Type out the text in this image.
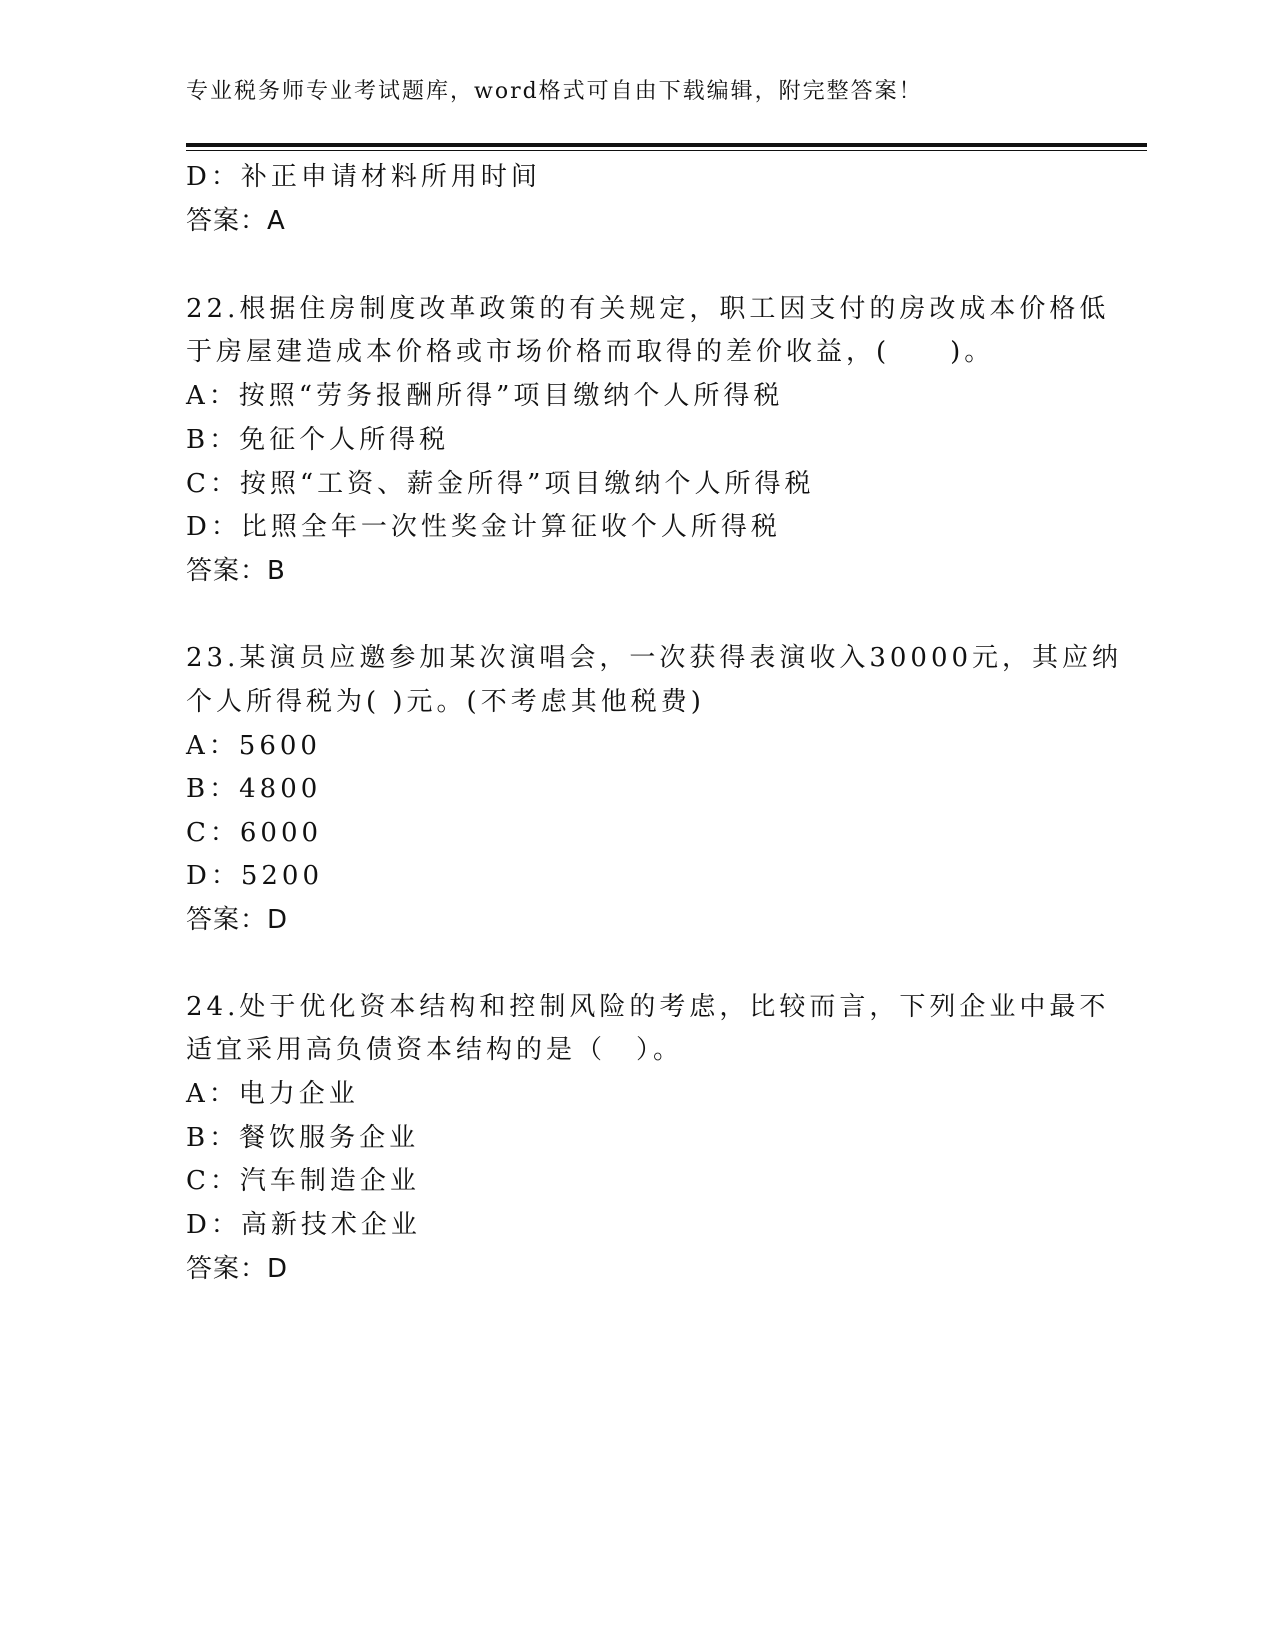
专业税务师专业考试题库，word格式可自由下载编辑，附完整答案！
D：补正申请材料所用时间
答案：A
22.根据住房制度改革政策的有关规定，职工因支付的房改成本价格低
于房屋建造成本价格或市场价格而取得的差价收益，(　　)。
A：按照“劳务报酬所得”项目缴纳个人所得税
B：免征个人所得税
C：按照“工资、薪金所得”项目缴纳个人所得税
D：比照全年一次性奖金计算征收个人所得税
答案：B
23.某演员应邀参加某次演唱会，一次获得表演收入30000元，其应纳
个人所得税为( )元。(不考虑其他税费)
A：5600
B：4800
C：6000
D：5200
答案：D
24.处于优化资本结构和控制风险的考虑，比较而言，下列企业中最不
适宜采用高负债资本结构的是（　）。
A：电力企业
B：餐饮服务企业
C：汽车制造企业
D：高新技术企业
答案：D
